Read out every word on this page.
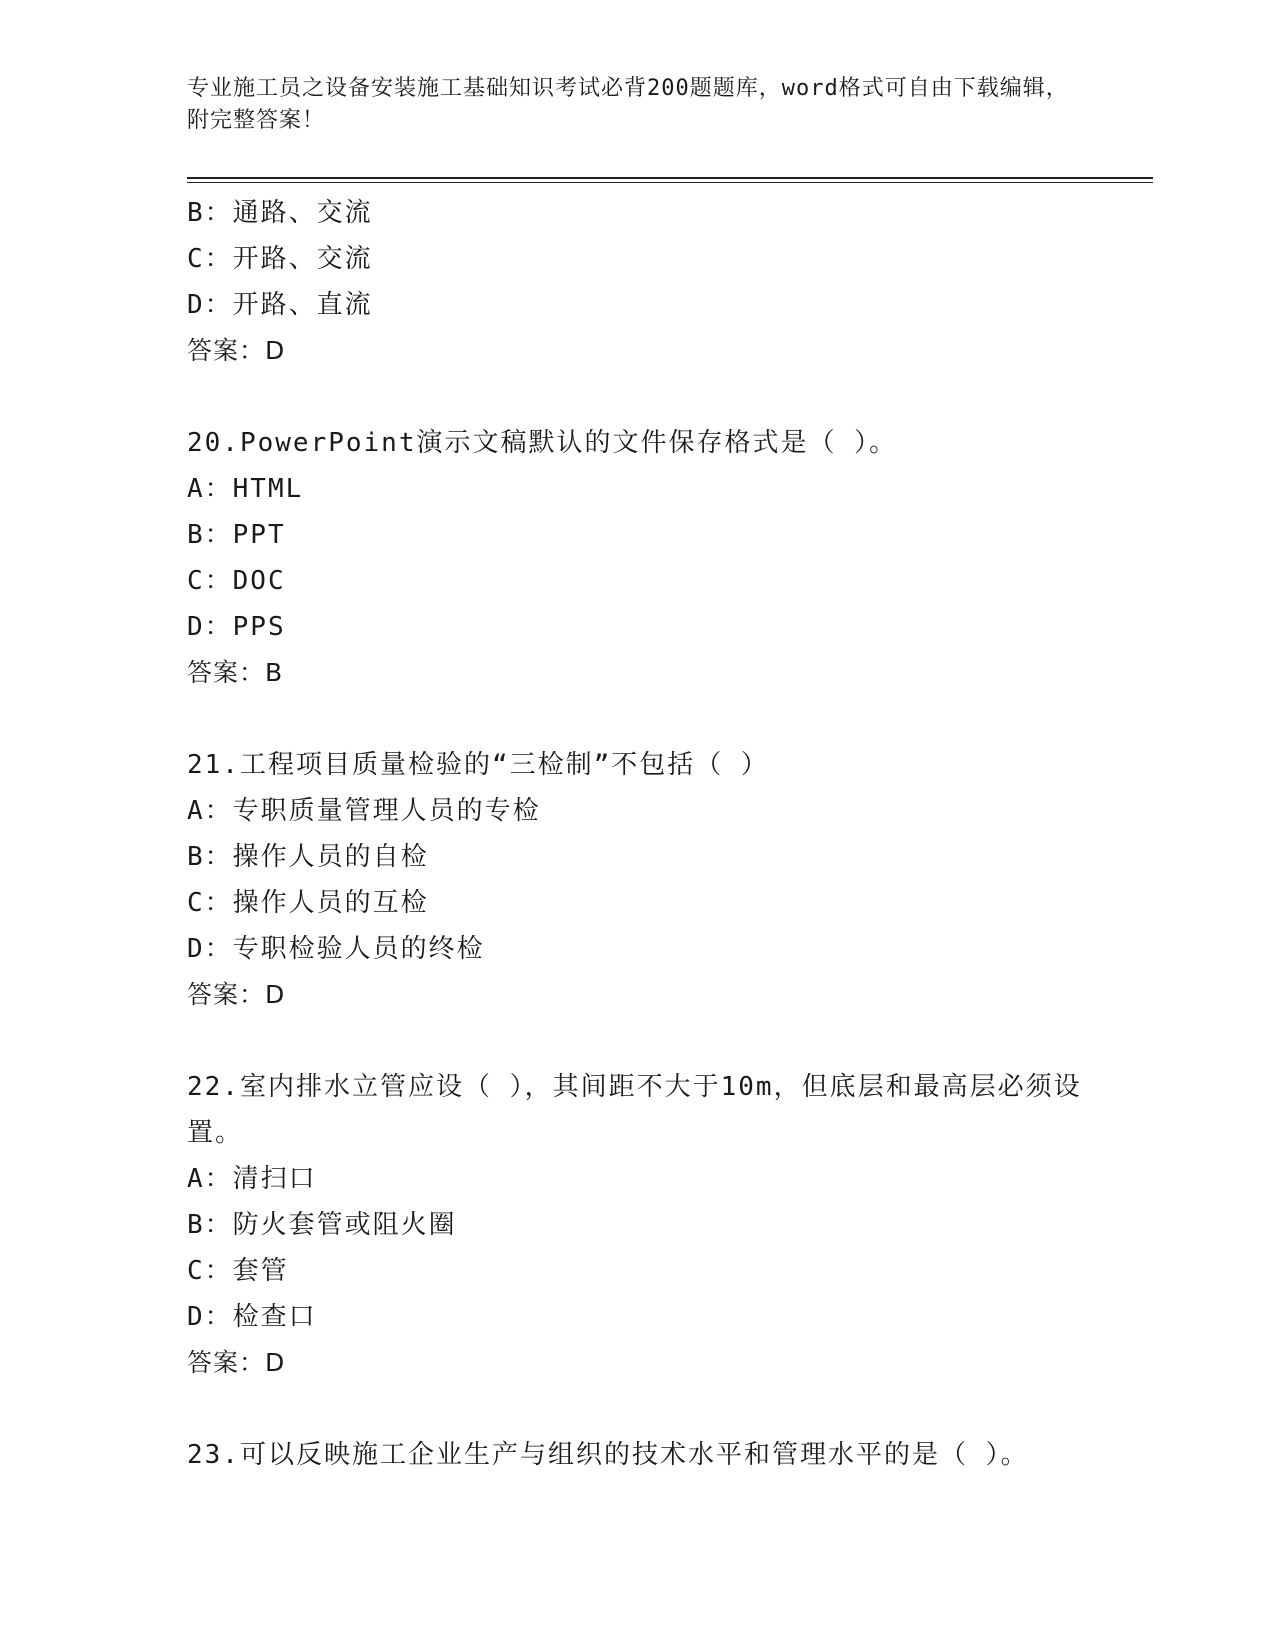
专业施工员之设备安装施工基础知识考试必背200题题库，word格式可自由下载编辑，附完整答案！
B：通路、交流
C：开路、交流
D：开路、直流
答案：D
20.PowerPoint演示文稿默认的文件保存格式是（ ）。
A：HTML
B：PPT
C：DOC
D：PPS
答案：B
21.工程项目质量检验的“三检制”不包括（ ）
A：专职质量管理人员的专检
B：操作人员的自检
C：操作人员的互检
D：专职检验人员的终检
答案：D
22.室内排水立管应设（ ），其间距不大于10m，但底层和最高层必须设置。
A：清扫口
B：防火套管或阻火圈
C：套管
D：检查口
答案：D
23.可以反映施工企业生产与组织的技术水平和管理水平的是（ ）。
